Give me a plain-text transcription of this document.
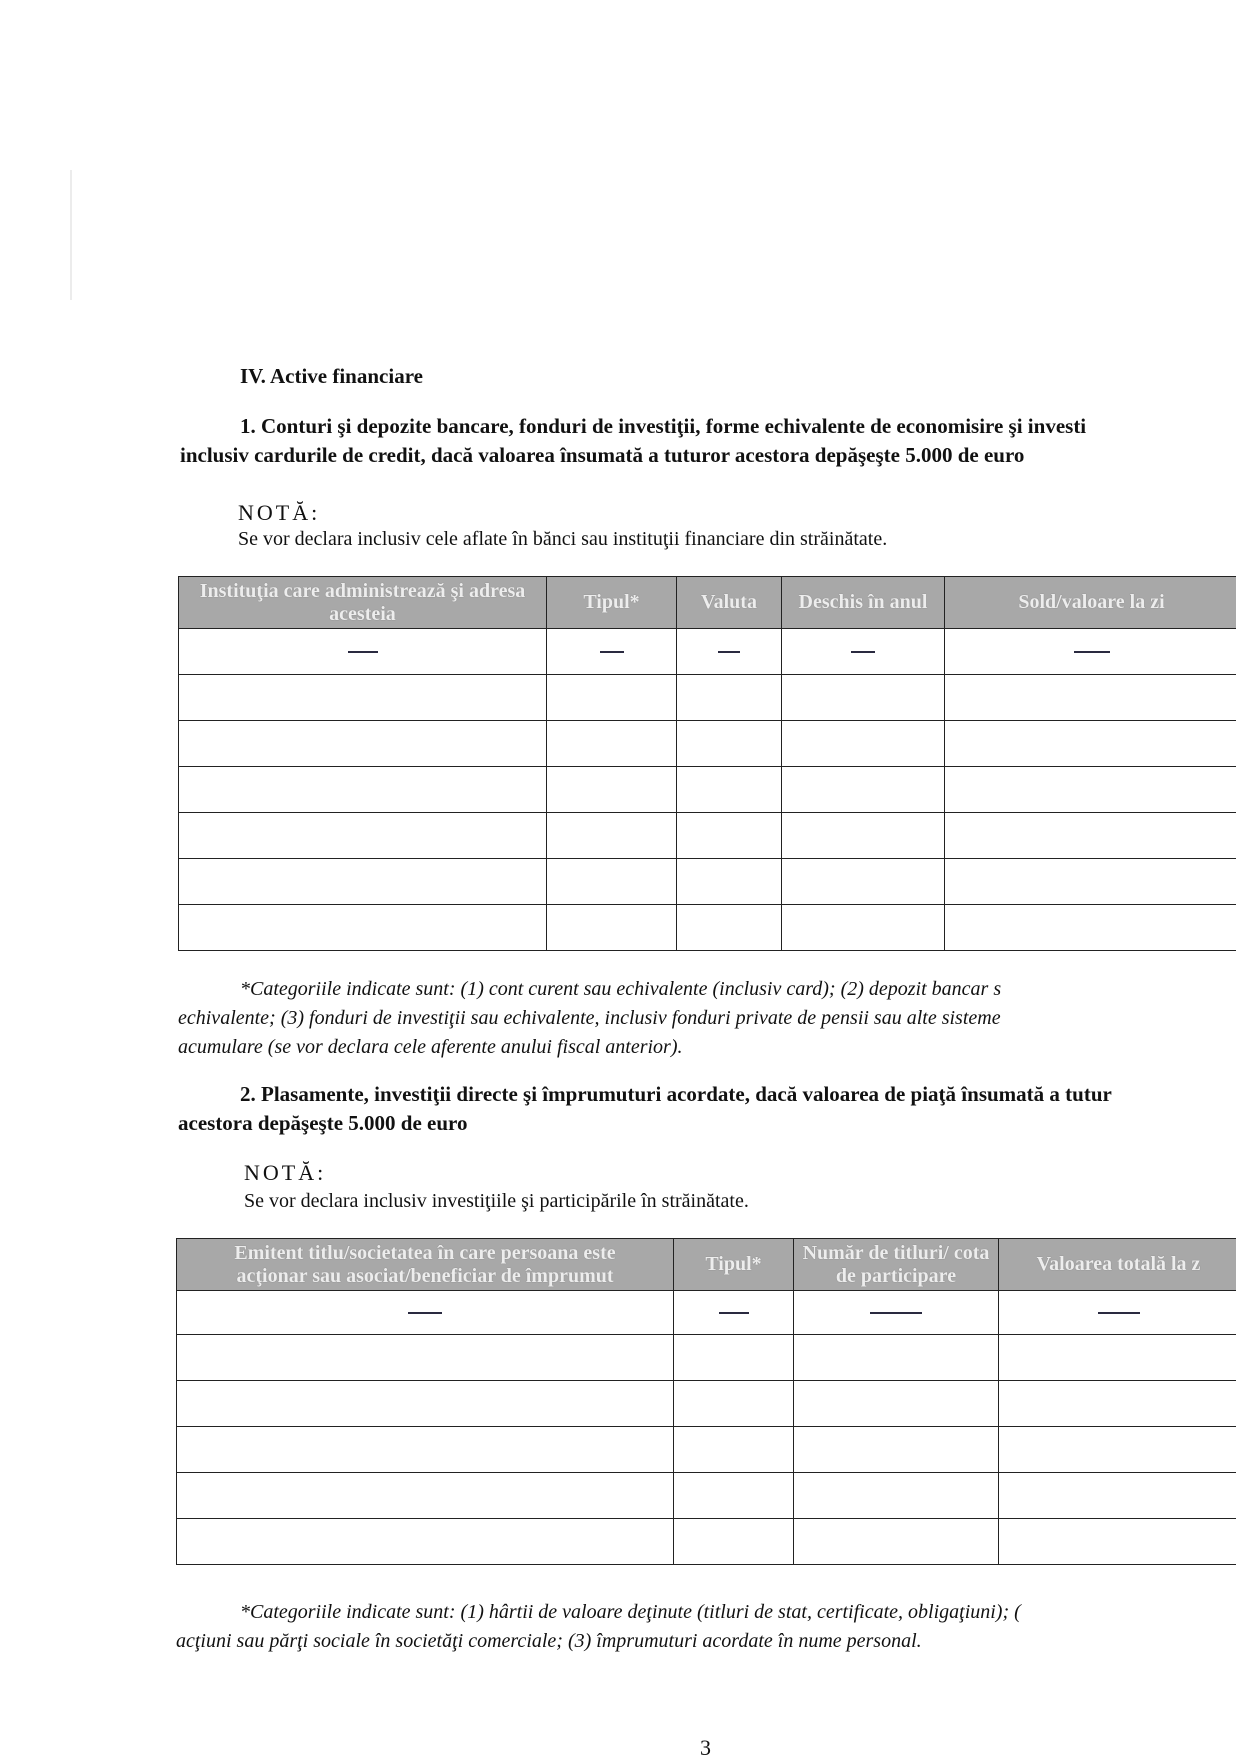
IV. Active financiare
1. Conturi şi depozite bancare, fonduri de investiţii, forme echivalente de economisire şi investi
inclusiv cardurile de credit, dacă valoarea însumată a tuturor acestora depăşeşte 5.000 de euro
NOTĂ:
Se vor declara inclusiv cele aflate în bănci sau instituţii financiare din străinătate.
Instituţia care administrează şi adresa acesteia	Tipul*	Valuta	Deschis în anul	Sold/valoare la zi

*Categoriile indicate sunt: (1) cont curent sau echivalente (inclusiv card); (2) depozit bancar s
echivalente; (3) fonduri de investiţii sau echivalente, inclusiv fonduri private de pensii sau alte sisteme
acumulare (se vor declara cele aferente anului fiscal anterior).
2. Plasamente, investiţii directe şi împrumuturi acordate, dacă valoarea de piaţă însumată a tutur
acestora depăşeşte 5.000 de euro
NOTĂ:
Se vor declara inclusiv investiţiile şi participările în străinătate.
Emitent titlu/societatea în care persoana este acţionar sau asociat/beneficiar de împrumut	Tipul*	Număr de titluri/ cota de participare	Valoarea totală la z

*Categoriile indicate sunt: (1) hârtii de valoare deţinute (titluri de stat, certificate, obligaţiuni); (
acţiuni sau părţi sociale în societăţi comerciale; (3) împrumuturi acordate în nume personal.
3
